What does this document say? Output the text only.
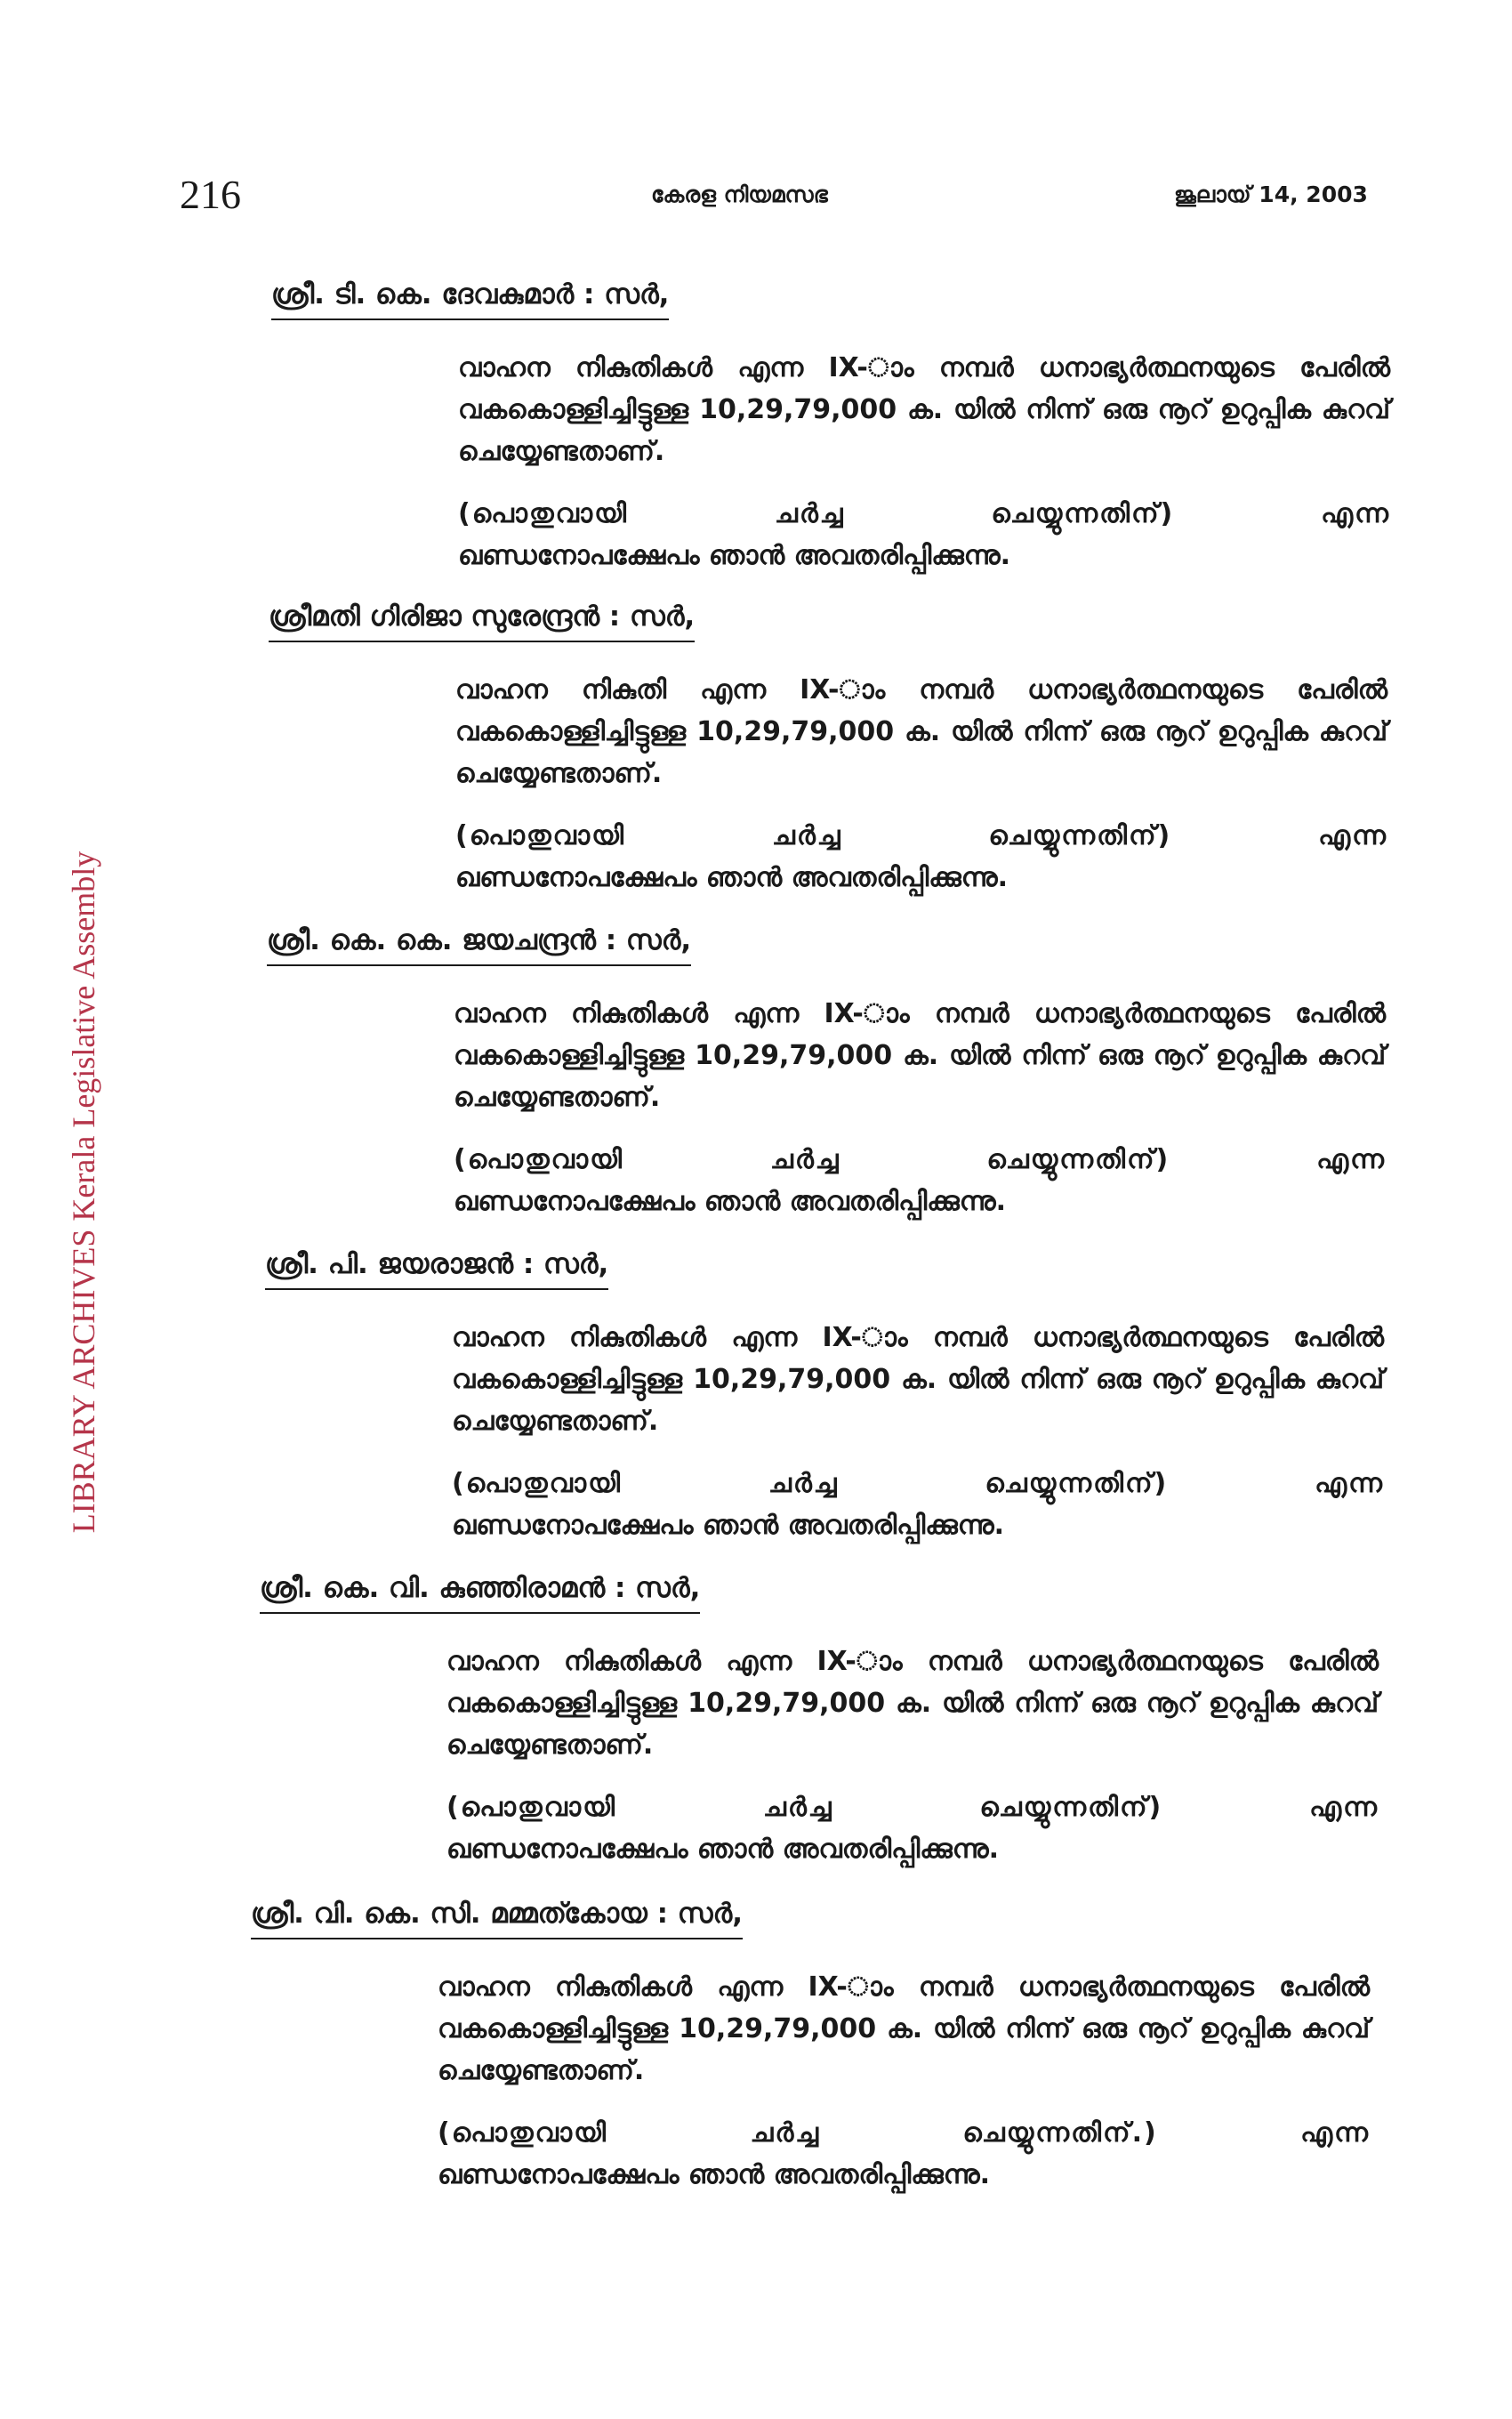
216	കേരള നിയമസഭ	ജൂലായ് 14, 2003
LIBRARY ARCHIVES Kerala Legislative Assembly
ശ്രീ. ടി. കെ. ദേവകുമാർ : സർ,
വാഹന നികുതികൾ എന്ന IX-ാം നമ്പർ ധനാഭ്യർത്ഥനയുടെ പേരിൽ വകകൊള്ളിച്ചിട്ടുള്ള 10,29,79,000 ക. യിൽ നിന്ന് ഒരു നൂറ് ഉറുപ്പിക കുറവ് ചെയ്യേണ്ടതാണ്.
(പൊതുവായി	ചർച്ച	ചെയ്യുന്നതിന്)	എന്ന
ഖണ്ഡനോപക്ഷേപം ഞാൻ അവതരിപ്പിക്കുന്നു.
ശ്രീമതി ഗിരിജാ സുരേന്ദ്രൻ : സർ,
വാഹന നികുതി എന്ന IX-ാം നമ്പർ ധനാഭ്യർത്ഥനയുടെ പേരിൽ വകകൊള്ളിച്ചിട്ടുള്ള 10,29,79,000 ക. യിൽ നിന്ന് ഒരു നൂറ് ഉറുപ്പിക കുറവ് ചെയ്യേണ്ടതാണ്.
(പൊതുവായി	ചർച്ച	ചെയ്യുന്നതിന്)	എന്ന
ഖണ്ഡനോപക്ഷേപം ഞാൻ അവതരിപ്പിക്കുന്നു.
ശ്രീ. കെ. കെ. ജയചന്ദ്രൻ : സർ,
വാഹന നികുതികൾ എന്ന IX-ാം നമ്പർ ധനാഭ്യർത്ഥനയുടെ പേരിൽ വകകൊള്ളിച്ചിട്ടുള്ള 10,29,79,000 ക. യിൽ നിന്ന് ഒരു നൂറ് ഉറുപ്പിക കുറവ് ചെയ്യേണ്ടതാണ്.
(പൊതുവായി	ചർച്ച	ചെയ്യുന്നതിന്)	എന്ന
ഖണ്ഡനോപക്ഷേപം ഞാൻ അവതരിപ്പിക്കുന്നു.
ശ്രീ. പി. ജയരാജൻ : സർ,
വാഹന നികുതികൾ എന്ന IX-ാം നമ്പർ ധനാഭ്യർത്ഥനയുടെ പേരിൽ വകകൊള്ളിച്ചിട്ടുള്ള 10,29,79,000 ക. യിൽ നിന്ന് ഒരു നൂറ് ഉറുപ്പിക കുറവ് ചെയ്യേണ്ടതാണ്.
(പൊതുവായി	ചർച്ച	ചെയ്യുന്നതിന്)	എന്ന
ഖണ്ഡനോപക്ഷേപം ഞാൻ അവതരിപ്പിക്കുന്നു.
ശ്രീ. കെ. വി. കുഞ്ഞിരാമൻ : സർ,
വാഹന നികുതികൾ എന്ന IX-ാം നമ്പർ ധനാഭ്യർത്ഥനയുടെ പേരിൽ വകകൊള്ളിച്ചിട്ടുള്ള 10,29,79,000 ക. യിൽ നിന്ന് ഒരു നൂറ് ഉറുപ്പിക കുറവ് ചെയ്യേണ്ടതാണ്.
(പൊതുവായി	ചർച്ച	ചെയ്യുന്നതിന്)	എന്ന
ഖണ്ഡനോപക്ഷേപം ഞാൻ അവതരിപ്പിക്കുന്നു.
ശ്രീ. വി. കെ. സി. മമ്മത്കോയ : സർ,
വാഹന നികുതികൾ എന്ന IX-ാം നമ്പർ ധനാഭ്യർത്ഥനയുടെ പേരിൽ വകകൊള്ളിച്ചിട്ടുള്ള 10,29,79,000 ക. യിൽ നിന്ന് ഒരു നൂറ് ഉറുപ്പിക കുറവ് ചെയ്യേണ്ടതാണ്.
(പൊതുവായി	ചർച്ച	ചെയ്യുന്നതിന്.)	എന്ന
ഖണ്ഡനോപക്ഷേപം ഞാൻ അവതരിപ്പിക്കുന്നു.
